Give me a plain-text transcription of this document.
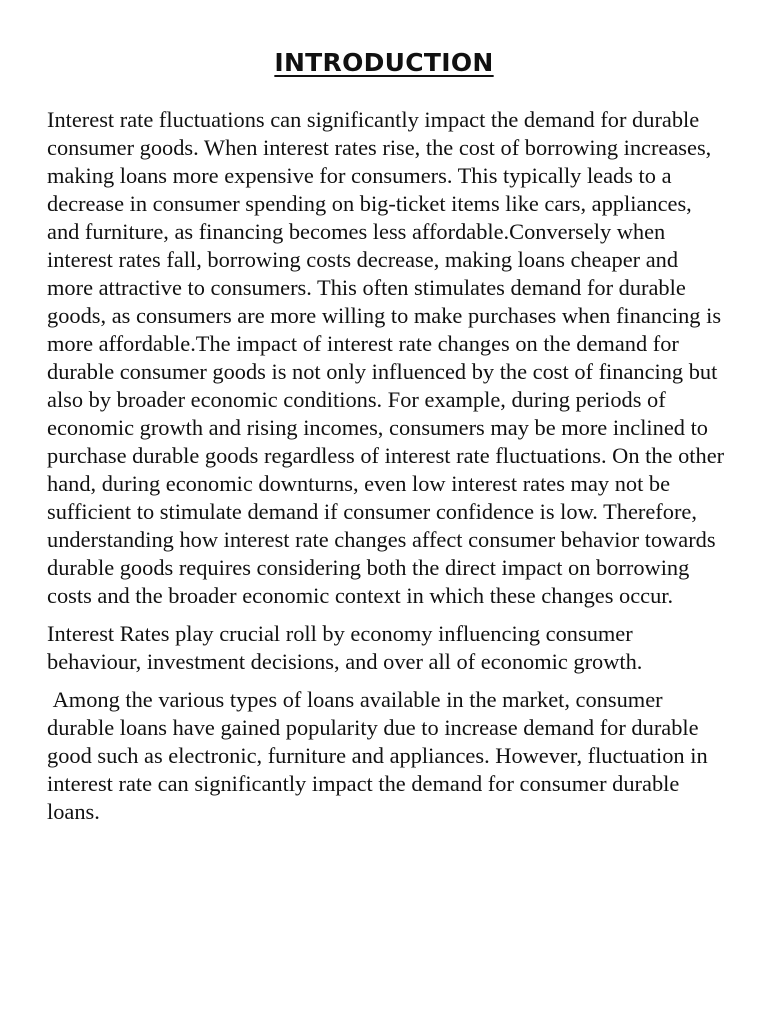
INTRODUCTION

Interest rate fluctuations can significantly impact the demand for durable consumer goods. When interest rates rise, the cost of borrowing increases, making loans more expensive for consumers. This typically leads to a decrease in consumer spending on big-ticket items like cars, appliances, and furniture, as financing becomes less affordable.Conversely when  interest rates fall, borrowing costs decrease, making loans cheaper and more attractive to consumers. This often stimulates demand for durable goods, as consumers are more willing to make purchases when financing is more affordable.The impact of interest rate changes on the demand for durable consumer goods is not only influenced by the cost of financing but also by broader economic conditions. For example, during periods of economic growth and rising incomes, consumers may be more inclined to purchase durable goods regardless of interest rate fluctuations. On the other hand, during economic downturns, even low interest rates may not be sufficient to stimulate demand if consumer confidence is low. Therefore, understanding how interest rate changes affect consumer behavior towards durable goods requires considering both the direct impact on borrowing costs and the broader economic context in which these changes occur.

Interest Rates play crucial roll by economy influencing consumer behaviour, investment decisions, and over all of economic growth.

Among the various types of loans available in the market, consumer durable loans have gained popularity due to increase demand for durable good such as electronic, furniture and appliances. However, fluctuation in interest rate can significantly impact the demand for consumer durable loans.
